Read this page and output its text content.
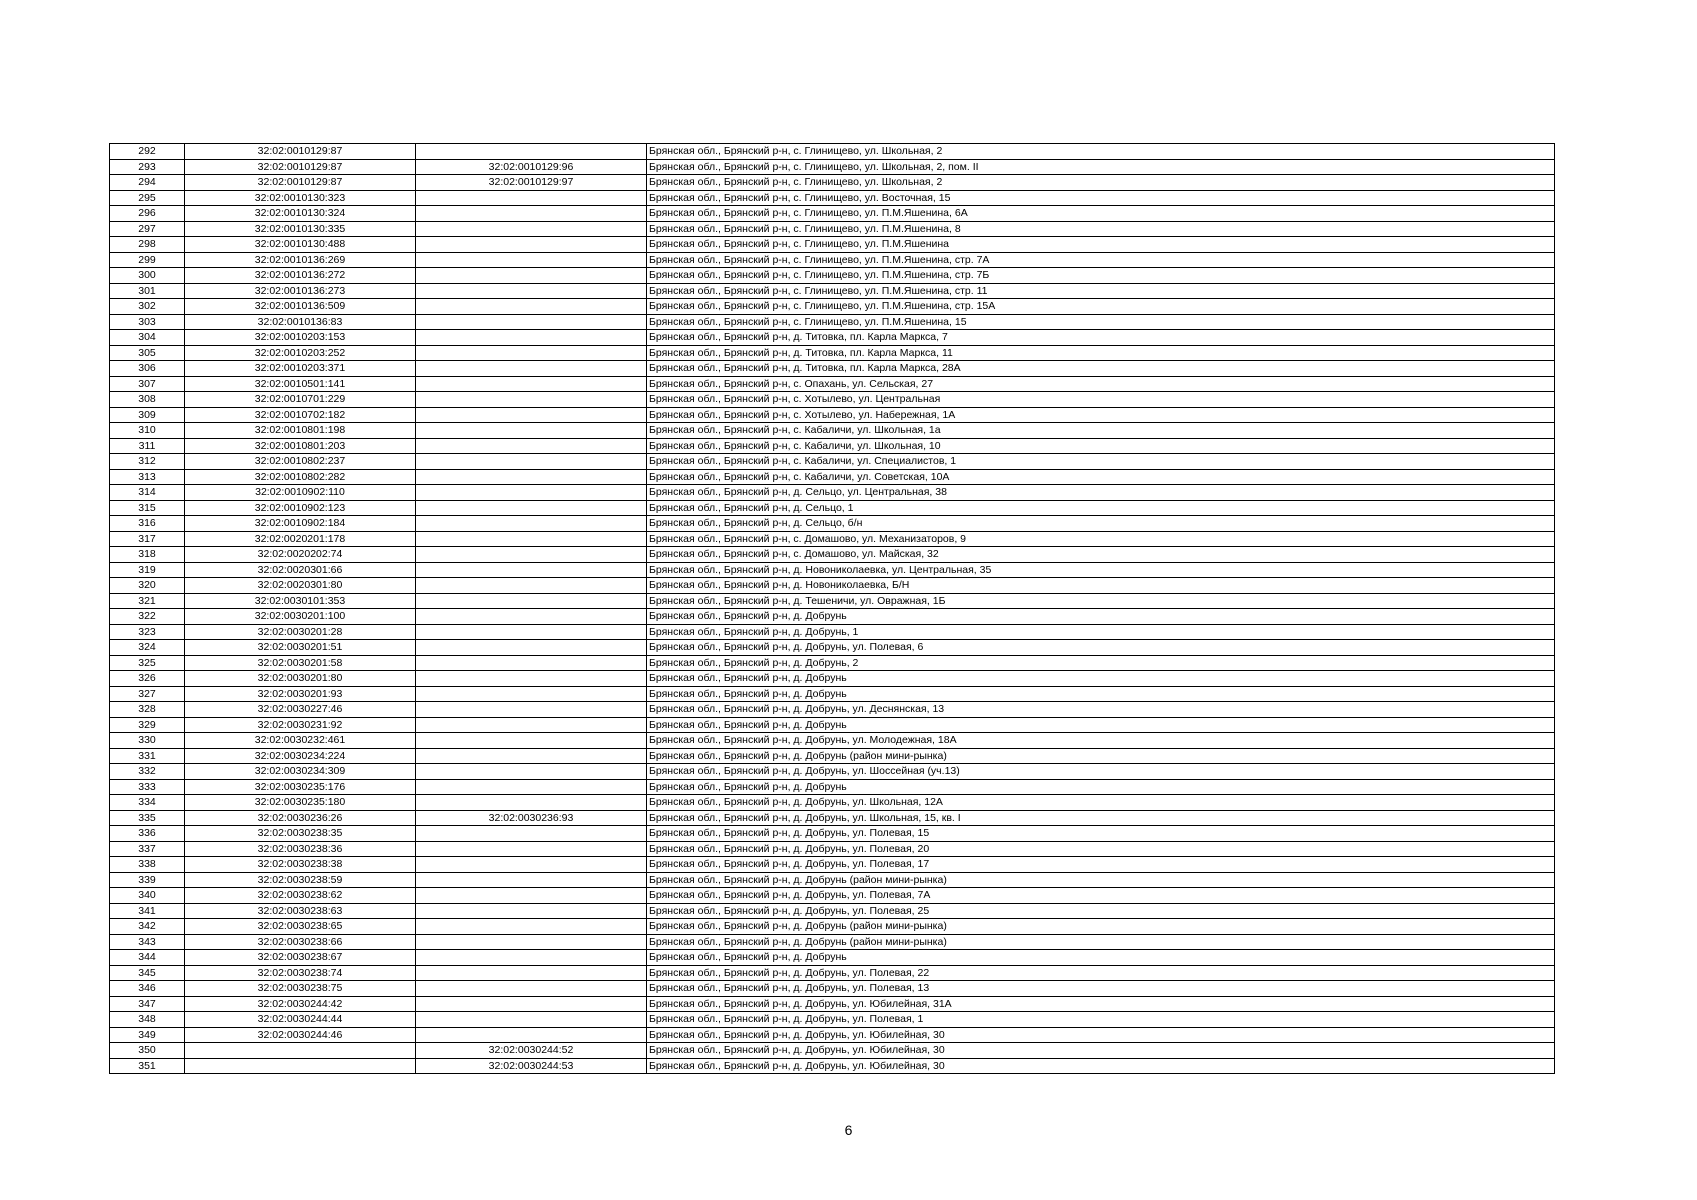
292	32:02:0010129:87		Брянская обл., Брянский р-н, с. Глинищево, ул. Школьная, 2
293	32:02:0010129:87	32:02:0010129:96	Брянская обл., Брянский р-н, с. Глинищево, ул. Школьная, 2, пом. II
294	32:02:0010129:87	32:02:0010129:97	Брянская обл., Брянский р-н, с. Глинищево, ул. Школьная, 2
295	32:02:0010130:323		Брянская обл., Брянский р-н, с. Глинищево, ул. Восточная, 15
296	32:02:0010130:324		Брянская обл., Брянский р-н, с. Глинищево, ул. П.М.Яшенина, 6А
297	32:02:0010130:335		Брянская обл., Брянский р-н, с. Глинищево, ул. П.М.Яшенина, 8
298	32:02:0010130:488		Брянская обл., Брянский р-н, с. Глинищево, ул. П.М.Яшенина
299	32:02:0010136:269		Брянская обл., Брянский р-н, с. Глинищево, ул. П.М.Яшенина, стр. 7А
300	32:02:0010136:272		Брянская обл., Брянский р-н, с. Глинищево, ул. П.М.Яшенина, стр. 7Б
301	32:02:0010136:273		Брянская обл., Брянский р-н, с. Глинищево, ул. П.М.Яшенина, стр. 11
302	32:02:0010136:509		Брянская обл., Брянский р-н, с. Глинищево, ул. П.М.Яшенина, стр. 15А
303	32:02:0010136:83		Брянская обл., Брянский р-н, с. Глинищево, ул. П.М.Яшенина, 15
304	32:02:0010203:153		Брянская обл., Брянский р-н, д. Титовка, пл. Карла Маркса, 7
305	32:02:0010203:252		Брянская обл., Брянский р-н, д. Титовка, пл. Карла Маркса, 11
306	32:02:0010203:371		Брянская обл., Брянский р-н, д. Титовка, пл. Карла Маркса, 28А
307	32:02:0010501:141		Брянская обл., Брянский р-н, с. Опахань, ул. Сельская, 27
308	32:02:0010701:229		Брянская обл., Брянский р-н, с. Хотылево, ул. Центральная
309	32:02:0010702:182		Брянская обл., Брянский р-н, с. Хотылево, ул. Набережная, 1А
310	32:02:0010801:198		Брянская обл., Брянский р-н, с. Кабаличи, ул. Школьная, 1а
311	32:02:0010801:203		Брянская обл., Брянский р-н, с. Кабаличи, ул. Школьная, 10
312	32:02:0010802:237		Брянская обл., Брянский р-н, с. Кабаличи, ул. Специалистов, 1
313	32:02:0010802:282		Брянская обл., Брянский р-н, с. Кабаличи, ул. Советская, 10А
314	32:02:0010902:110		Брянская обл., Брянский р-н, д. Сельцо, ул. Центральная, 38
315	32:02:0010902:123		Брянская обл., Брянский р-н, д. Сельцо, 1
316	32:02:0010902:184		Брянская обл., Брянский р-н, д. Сельцо, б/н
317	32:02:0020201:178		Брянская обл., Брянский р-н, с. Домашово, ул. Механизаторов, 9
318	32:02:0020202:74		Брянская обл., Брянский р-н, с. Домашово, ул. Майская, 32
319	32:02:0020301:66		Брянская обл., Брянский р-н, д. Новониколаевка, ул. Центральная, 35
320	32:02:0020301:80		Брянская обл., Брянский р-н, д. Новониколаевка, Б/Н
321	32:02:0030101:353		Брянская обл., Брянский р-н, д. Тешеничи, ул. Овражная, 1Б
322	32:02:0030201:100		Брянская обл., Брянский р-н, д. Добрунь
323	32:02:0030201:28		Брянская обл., Брянский р-н, д. Добрунь, 1
324	32:02:0030201:51		Брянская обл., Брянский р-н, д. Добрунь, ул. Полевая, 6
325	32:02:0030201:58		Брянская обл., Брянский р-н, д. Добрунь, 2
326	32:02:0030201:80		Брянская обл., Брянский р-н, д. Добрунь
327	32:02:0030201:93		Брянская обл., Брянский р-н, д. Добрунь
328	32:02:0030227:46		Брянская обл., Брянский р-н, д. Добрунь, ул. Деснянская, 13
329	32:02:0030231:92		Брянская обл., Брянский р-н, д. Добрунь
330	32:02:0030232:461		Брянская обл., Брянский р-н, д. Добрунь, ул. Молодежная, 18А
331	32:02:0030234:224		Брянская обл., Брянский р-н, д. Добрунь (район мини-рынка)
332	32:02:0030234:309		Брянская обл., Брянский р-н, д. Добрунь, ул. Шоссейная (уч.13)
333	32:02:0030235:176		Брянская обл., Брянский р-н, д. Добрунь
334	32:02:0030235:180		Брянская обл., Брянский р-н, д. Добрунь, ул. Школьная, 12А
335	32:02:0030236:26	32:02:0030236:93	Брянская обл., Брянский р-н, д. Добрунь, ул. Школьная, 15, кв. I
336	32:02:0030238:35		Брянская обл., Брянский р-н, д. Добрунь, ул. Полевая, 15
337	32:02:0030238:36		Брянская обл., Брянский р-н, д. Добрунь, ул. Полевая, 20
338	32:02:0030238:38		Брянская обл., Брянский р-н, д. Добрунь, ул. Полевая, 17
339	32:02:0030238:59		Брянская обл., Брянский р-н, д. Добрунь (район мини-рынка)
340	32:02:0030238:62		Брянская обл., Брянский р-н, д. Добрунь, ул. Полевая, 7А
341	32:02:0030238:63		Брянская обл., Брянский р-н, д. Добрунь, ул. Полевая, 25
342	32:02:0030238:65		Брянская обл., Брянский р-н, д. Добрунь (район мини-рынка)
343	32:02:0030238:66		Брянская обл., Брянский р-н, д. Добрунь (район мини-рынка)
344	32:02:0030238:67		Брянская обл., Брянский р-н, д. Добрунь
345	32:02:0030238:74		Брянская обл., Брянский р-н, д. Добрунь, ул. Полевая, 22
346	32:02:0030238:75		Брянская обл., Брянский р-н, д. Добрунь, ул. Полевая, 13
347	32:02:0030244:42		Брянская обл., Брянский р-н, д. Добрунь, ул. Юбилейная, 31А
348	32:02:0030244:44		Брянская обл., Брянский р-н, д. Добрунь, ул. Полевая, 1
349	32:02:0030244:46		Брянская обл., Брянский р-н, д. Добрунь, ул. Юбилейная, 30
350		32:02:0030244:52	Брянская обл., Брянский р-н, д. Добрунь, ул. Юбилейная, 30
351		32:02:0030244:53	Брянская обл., Брянский р-н, д. Добрунь, ул. Юбилейная, 30
6
